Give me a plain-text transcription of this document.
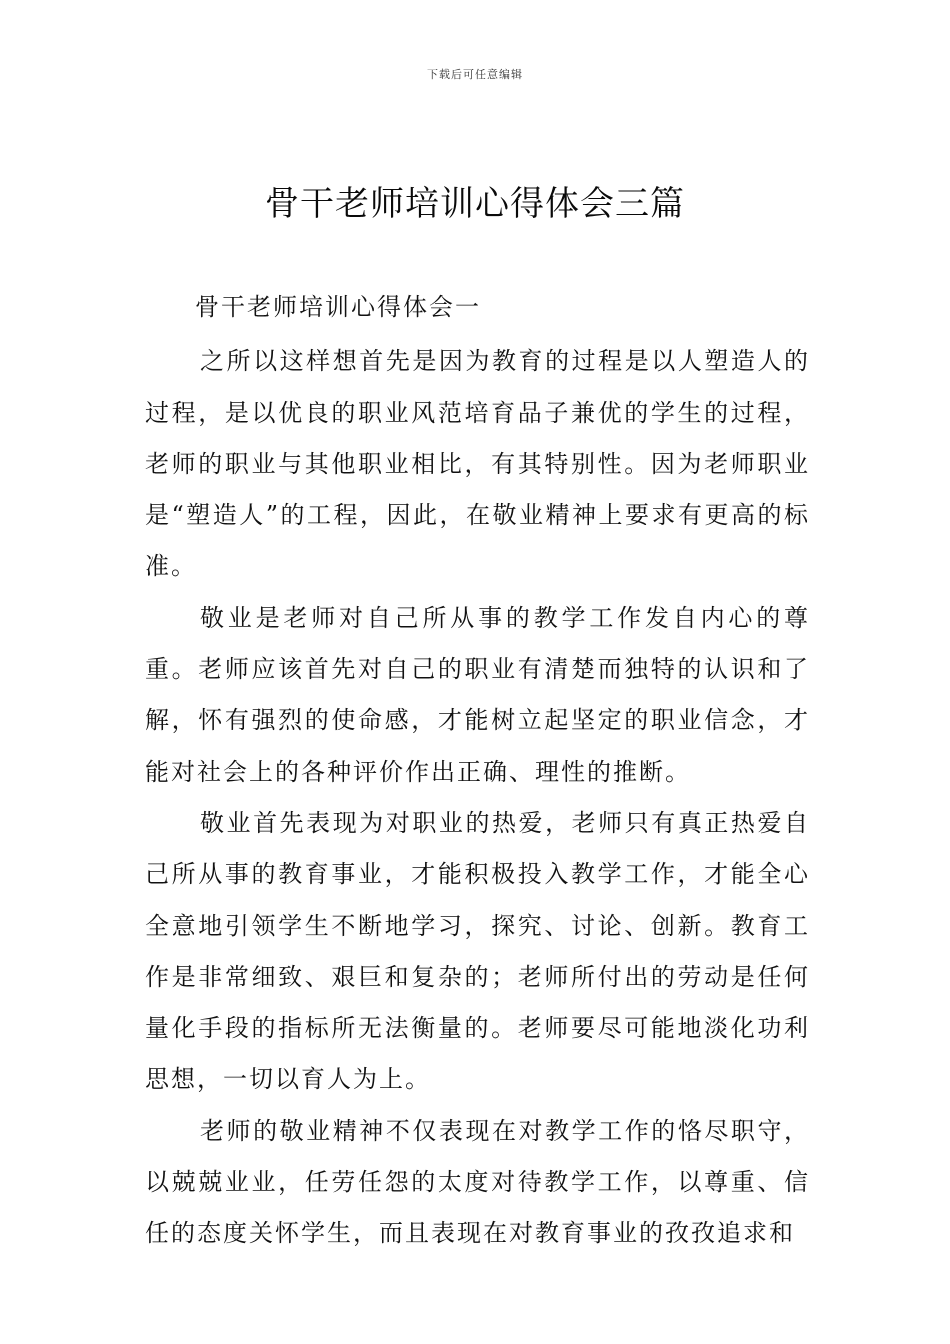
下载后可任意编辑
骨干老师培训心得体会三篇

骨干老师培训心得体会一

之所以这样想首先是因为教育的过程是以人塑造人的过程，是以优良的职业风范培育品子兼优的学生的过程，老师的职业与其他职业相比，有其特别性。因为老师职业是“塑造人”的工程，因此，在敬业精神上要求有更高的标准。

敬业是老师对自己所从事的教学工作发自内心的尊重。老师应该首先对自己的职业有清楚而独特的认识和了解，怀有强烈的使命感，才能树立起坚定的职业信念，才能对社会上的各种评价作出正确、理性的推断。

敬业首先表现为对职业的热爱，老师只有真正热爱自己所从事的教育事业，才能积极投入教学工作，才能全心全意地引领学生不断地学习，探究、讨论、创新。教育工作是非常细致、艰巨和复杂的；老师所付出的劳动是任何量化手段的指标所无法衡量的。老师要尽可能地淡化功利思想，一切以育人为上。

老师的敬业精神不仅表现在对教学工作的恪尽职守，以兢兢业业，任劳任怨的太度对待教学工作，以尊重、信任的态度关怀学生，而且表现在对教育事业的孜孜追求和
